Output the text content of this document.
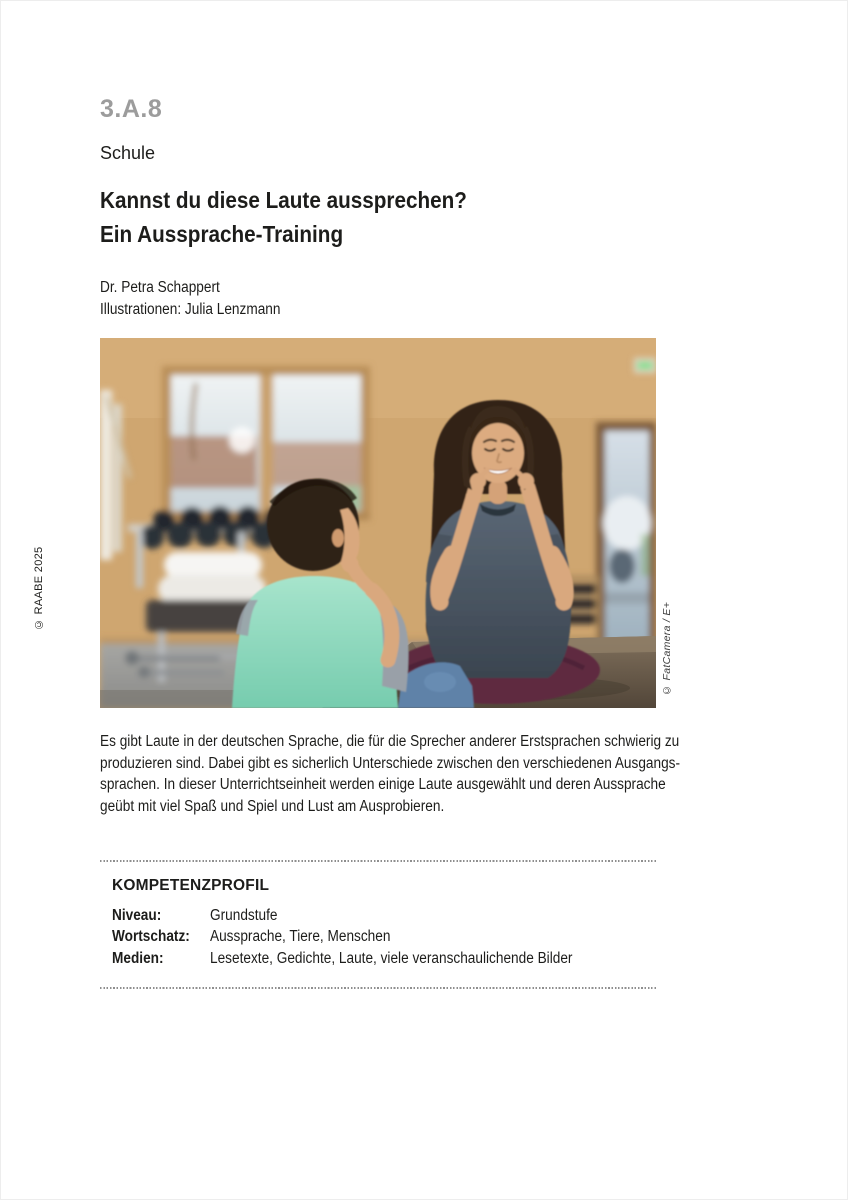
3.A.8
Schule
Kannst du diese Laute aussprechen?
Ein Aussprache-Training
Dr. Petra Schappert
Illustrationen: Julia Lenzmann
© RAABE 2025
© FatCamera / E+
Es gibt Laute in der deutschen Sprache, die für die Sprecher anderer Erstsprachen schwierig zu
produzieren sind. Dabei gibt es sicherlich Unterschiede zwischen den verschiedenen Ausgangs-
sprachen. In dieser Unterrichtseinheit werden einige Laute ausgewählt und deren Aussprache
geübt mit viel Spaß und Spiel und Lust am Ausprobieren.
KOMPETENZPROFIL
Niveau:	Grundstufe
Wortschatz: Aussprache, Tiere, Menschen
Medien:	Lesetexte, Gedichte, Laute, viele veranschaulichende Bilder
